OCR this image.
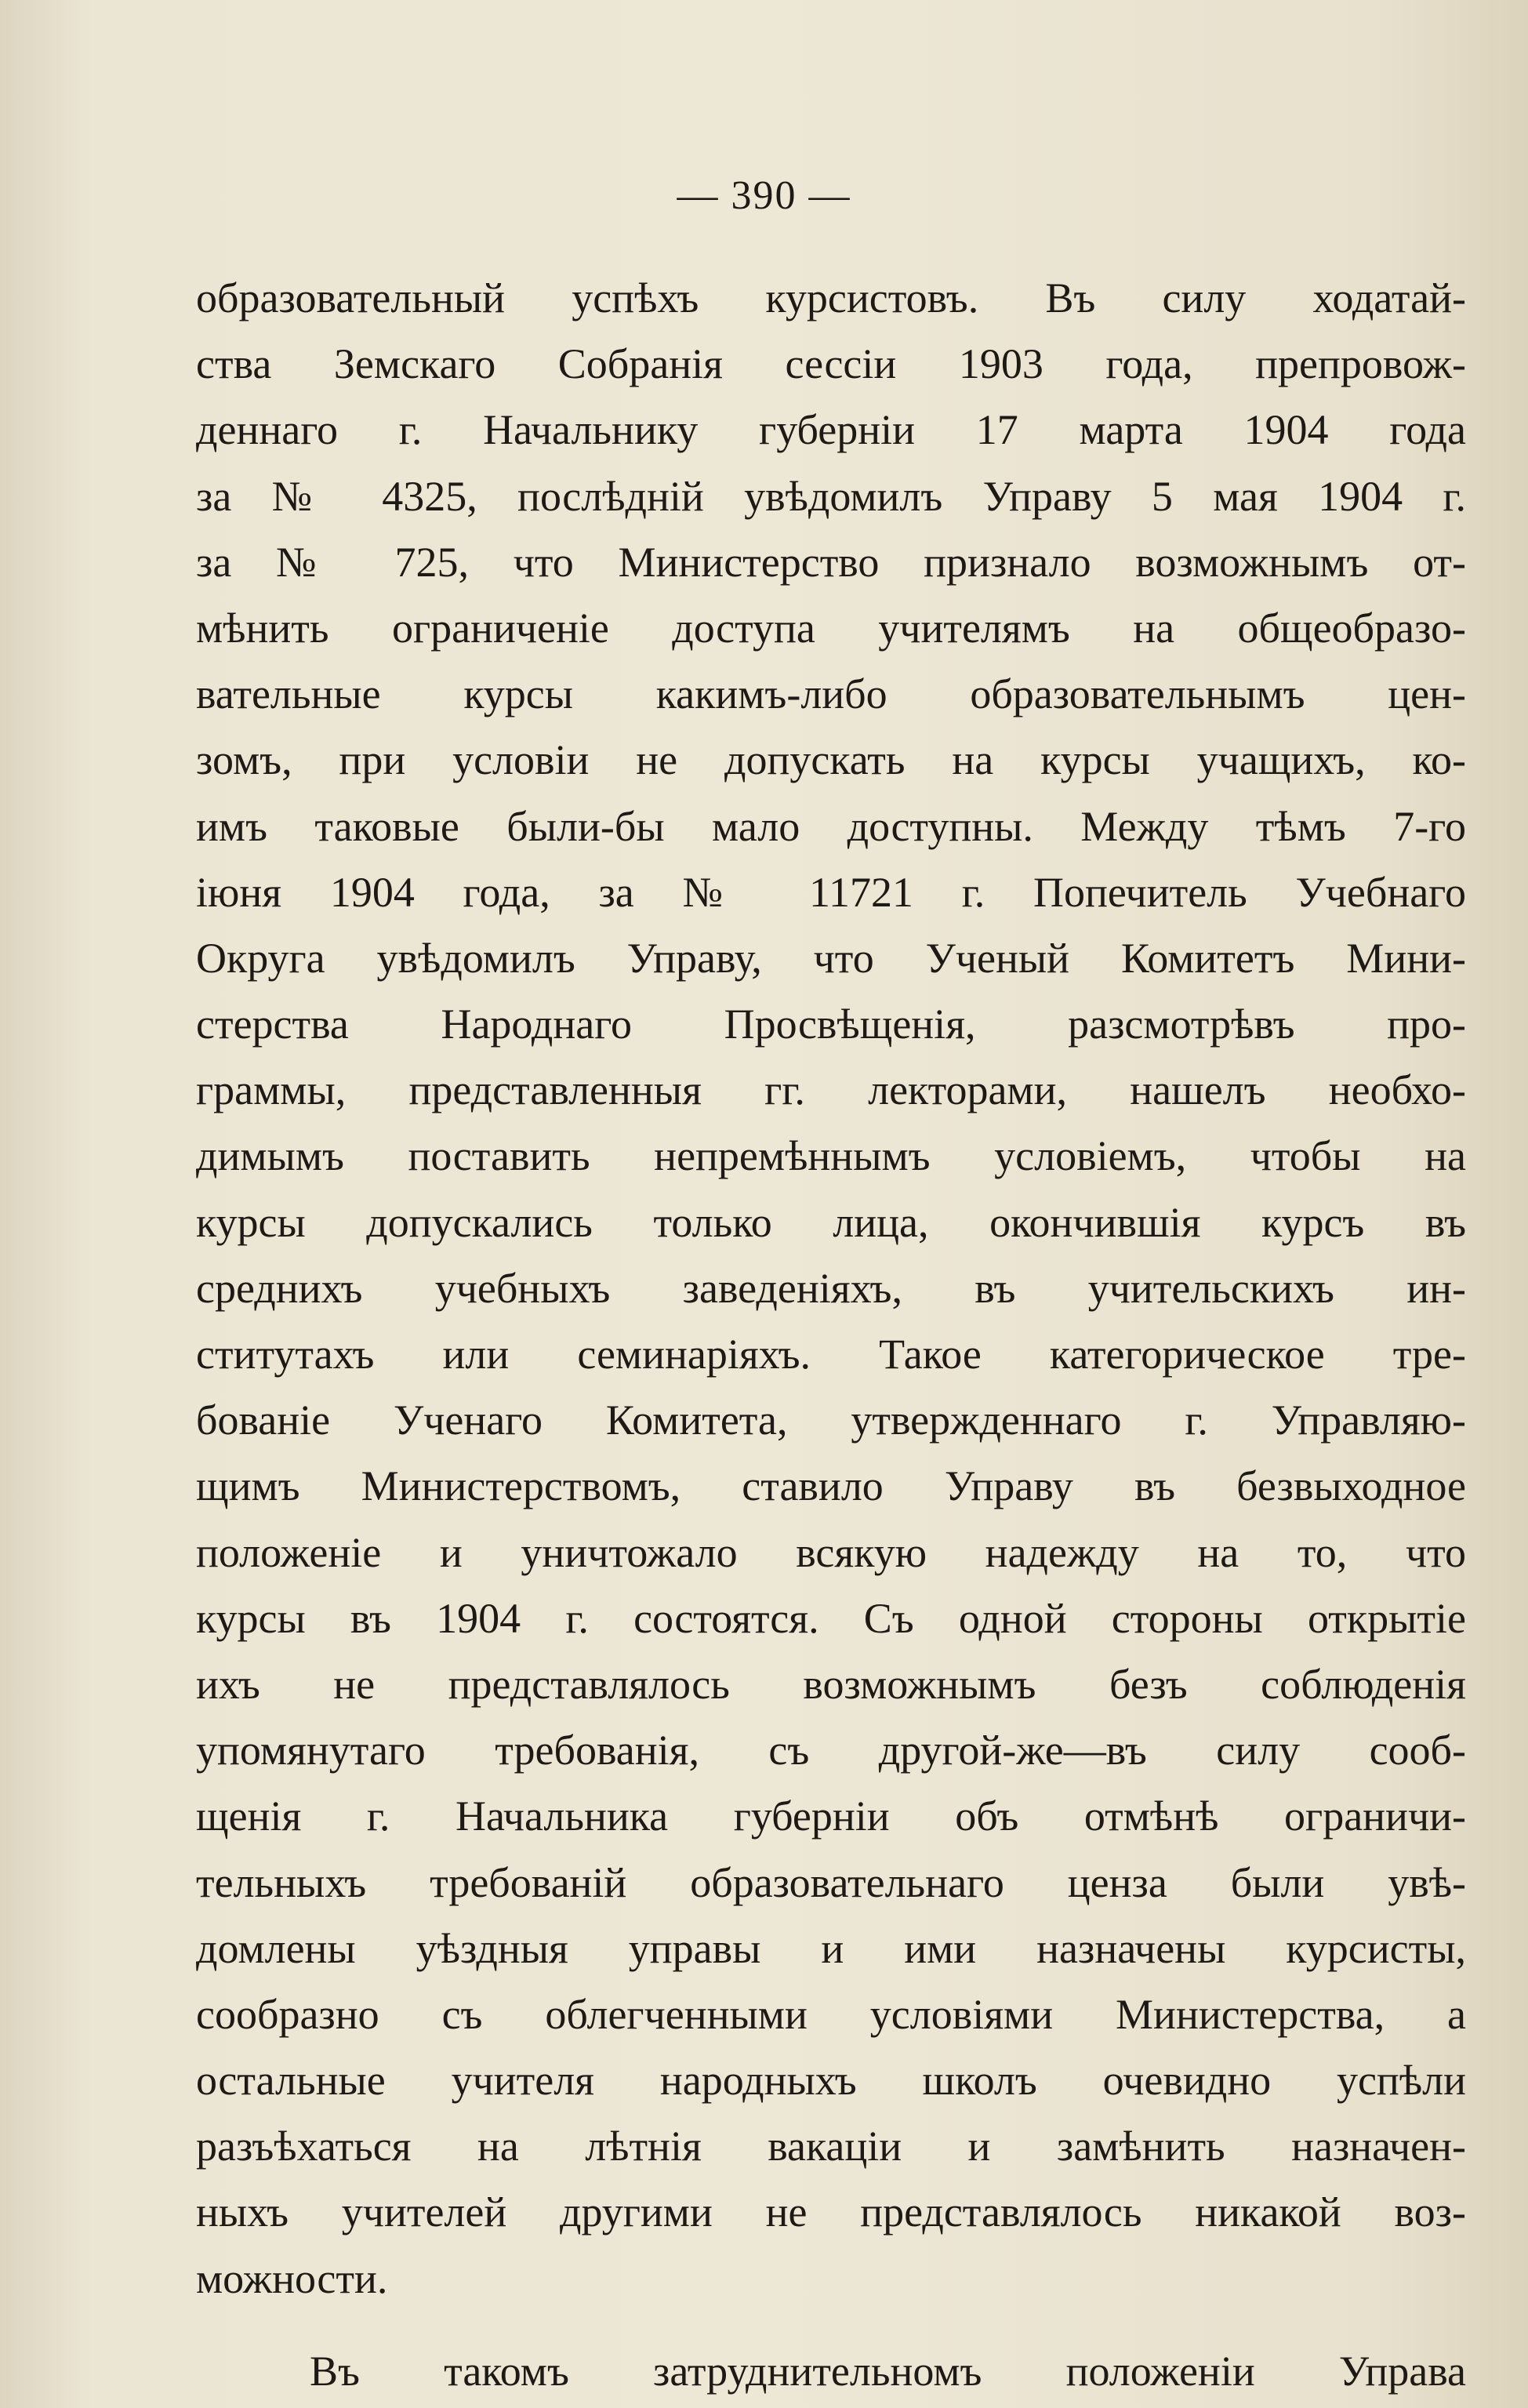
— 390 —
образовательный успѣхъ курсистовъ. Въ силу ходатай-
ства Земскаго Собранія сессіи 1903 года, препровож-
деннаго г. Начальнику губерніи 17 марта 1904 года
за № 4325, послѣдній увѣдомилъ Управу 5 мая 1904 г.
за № 725, что Министерство признало возможнымъ от-
мѣнить ограниченіе доступа учителямъ на общеобразо-
вательные курсы какимъ-либо образовательнымъ цен-
зомъ, при условіи не допускать на курсы учащихъ, ко-
имъ таковые были-бы мало доступны. Между тѣмъ 7-го
іюня 1904 года, за № 11721 г. Попечитель Учебнаго
Округа увѣдомилъ Управу, что Ученый Комитетъ Мини-
стерства Народнаго Просвѣщенія, разсмотрѣвъ про-
граммы, представленныя гг. лекторами, нашелъ необхо-
димымъ поставить непремѣннымъ условіемъ, чтобы на
курсы допускались только лица, окончившія курсъ въ
среднихъ учебныхъ заведеніяхъ, въ учительскихъ ин-
ститутахъ или семинаріяхъ. Такое категорическое тре-
бованіе Ученаго Комитета, утвержденнаго г. Управляю-
щимъ Министерствомъ, ставило Управу въ безвыходное
положеніе и уничтожало всякую надежду на то, что
курсы въ 1904 г. состоятся. Съ одной стороны открытіе
ихъ не представлялось возможнымъ безъ соблюденія
упомянутаго требованія, съ другой-же—въ силу сооб-
щенія г. Начальника губерніи объ отмѣнѣ ограничи-
тельныхъ требованій образовательнаго ценза были увѣ-
домлены уѣздныя управы и ими назначены курсисты,
сообразно съ облегченными условіями Министерства, а
остальные учителя народныхъ школъ очевидно успѣли
разъѣхаться на лѣтнія вакаціи и замѣнить назначен-
ныхъ учителей другими не представлялось никакой воз-
можности.
Въ такомъ затруднительномъ положеніи Управа
